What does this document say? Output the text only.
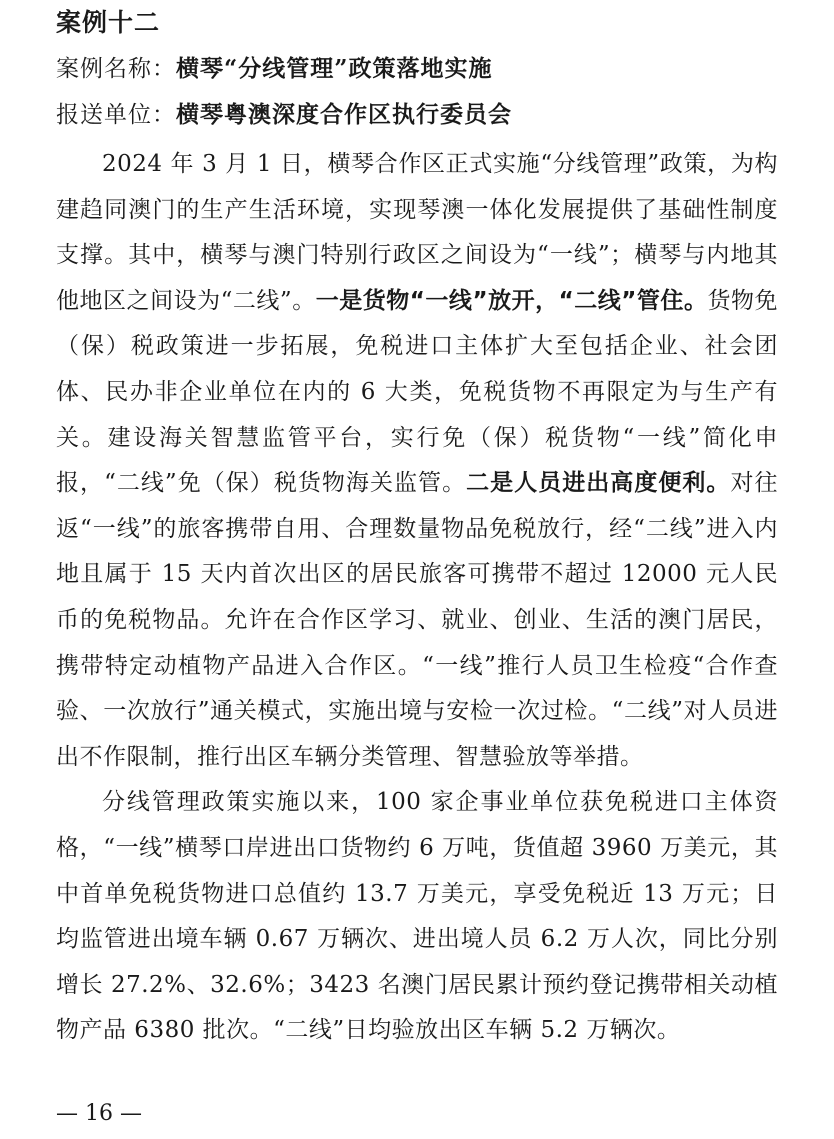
案例十二
案例名称：横琴“分线管理”政策落地实施
报送单位：横琴粤澳深度合作区执行委员会

2024 年 3 月 1 日，横琴合作区正式实施“分线管理”政策，为构建趋同澳门的生产生活环境，实现琴澳一体化发展提供了基础性制度支撑。其中，横琴与澳门特别行政区之间设为“一线”；横琴与内地其他地区之间设为“二线”。一是货物“一线”放开，“二线”管住。货物免（保）税政策进一步拓展，免税进口主体扩大至包括企业、社会团体、民办非企业单位在内的 6 大类，免税货物不再限定为与生产有关。建设海关智慧监管平台，实行免（保）税货物“一线”简化申报，“二线”免（保）税货物海关监管。二是人员进出高度便利。对往返“一线”的旅客携带自用、合理数量物品免税放行，经“二线”进入内地且属于 15 天内首次出区的居民旅客可携带不超过 12000 元人民币的免税物品。允许在合作区学习、就业、创业、生活的澳门居民，携带特定动植物产品进入合作区。“一线”推行人员卫生检疫“合作查验、一次放行”通关模式，实施出境与安检一次过检。“二线”对人员进出不作限制，推行出区车辆分类管理、智慧验放等举措。

分线管理政策实施以来，100 家企事业单位获免税进口主体资格，“一线”横琴口岸进出口货物约 6 万吨，货值超 3960 万美元，其中首单免税货物进口总值约 13.7 万美元，享受免税近 13 万元；日均监管进出境车辆 0.67 万辆次、进出境人员 6.2 万人次，同比分别增长 27.2%、32.6%；3423 名澳门居民累计预约登记携带相关动植物产品 6380 批次。“二线”日均验放出区车辆 5.2 万辆次。

— 16 —
